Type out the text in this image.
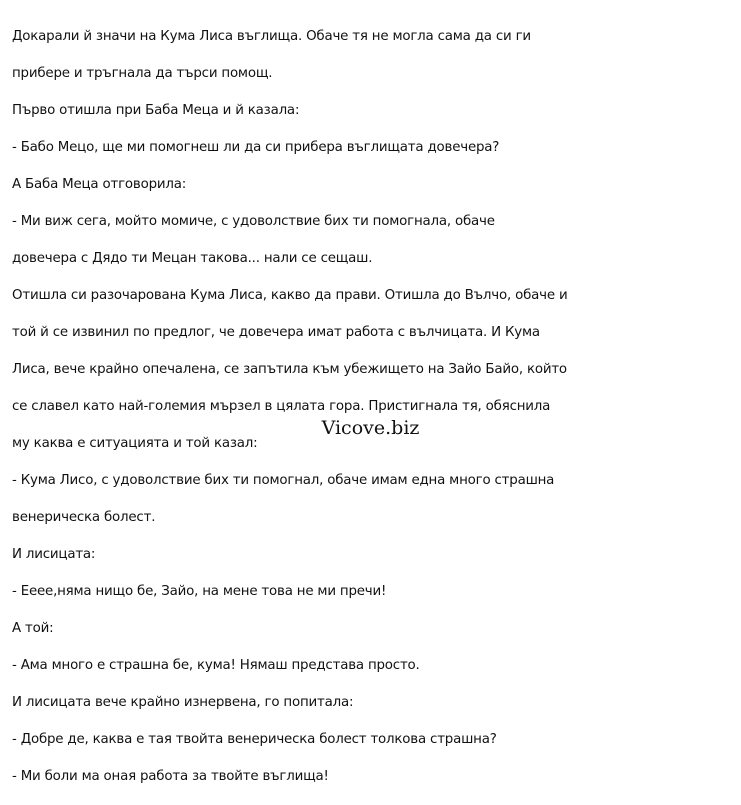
Докарали й значи на Кума Лиса въглища. Обаче тя не могла сама да си ги

прибере и тръгнала да търси помощ.

Първо отишла при Баба Меца и й казала:

- Бабо Мецо, ще ми помогнеш ли да си прибера въглищата довечера?

А Баба Меца отговорила:

- Ми виж сега, мойто момиче, с удоволствие бих ти помогнала, обаче

довечера с Дядо ти Мецан такова... нали се сещаш.

Отишла си разочарована Кума Лиса, какво да прави. Отишла до Вълчо, обаче и

той й се извинил по предлог, че довечера имат работа с вълчицата. И Кума

Лиса, вече крайно опечалена, се запътила към убежището на Зайо Байо, който

се славел като най-големия мързел в цялата гора. Пристигнала тя, обяснила

му каква е ситуацията и той казал:

- Кума Лисо, с удоволствие бих ти помогнал, обаче имам една много страшна

венерическа болест.

И лисицата:

- Ееее,няма нищо бе, Зайо, на мене това не ми пречи!

А той:

- Ама много е страшна бе, кума! Нямаш представа просто.

И лисицата вече крайно изнервена, го попитала:

- Добре де, каква е тая твойта венерическа болест толкова страшна?

- Ми боли ма оная работа за твойте въглища!

Vicove.biz
